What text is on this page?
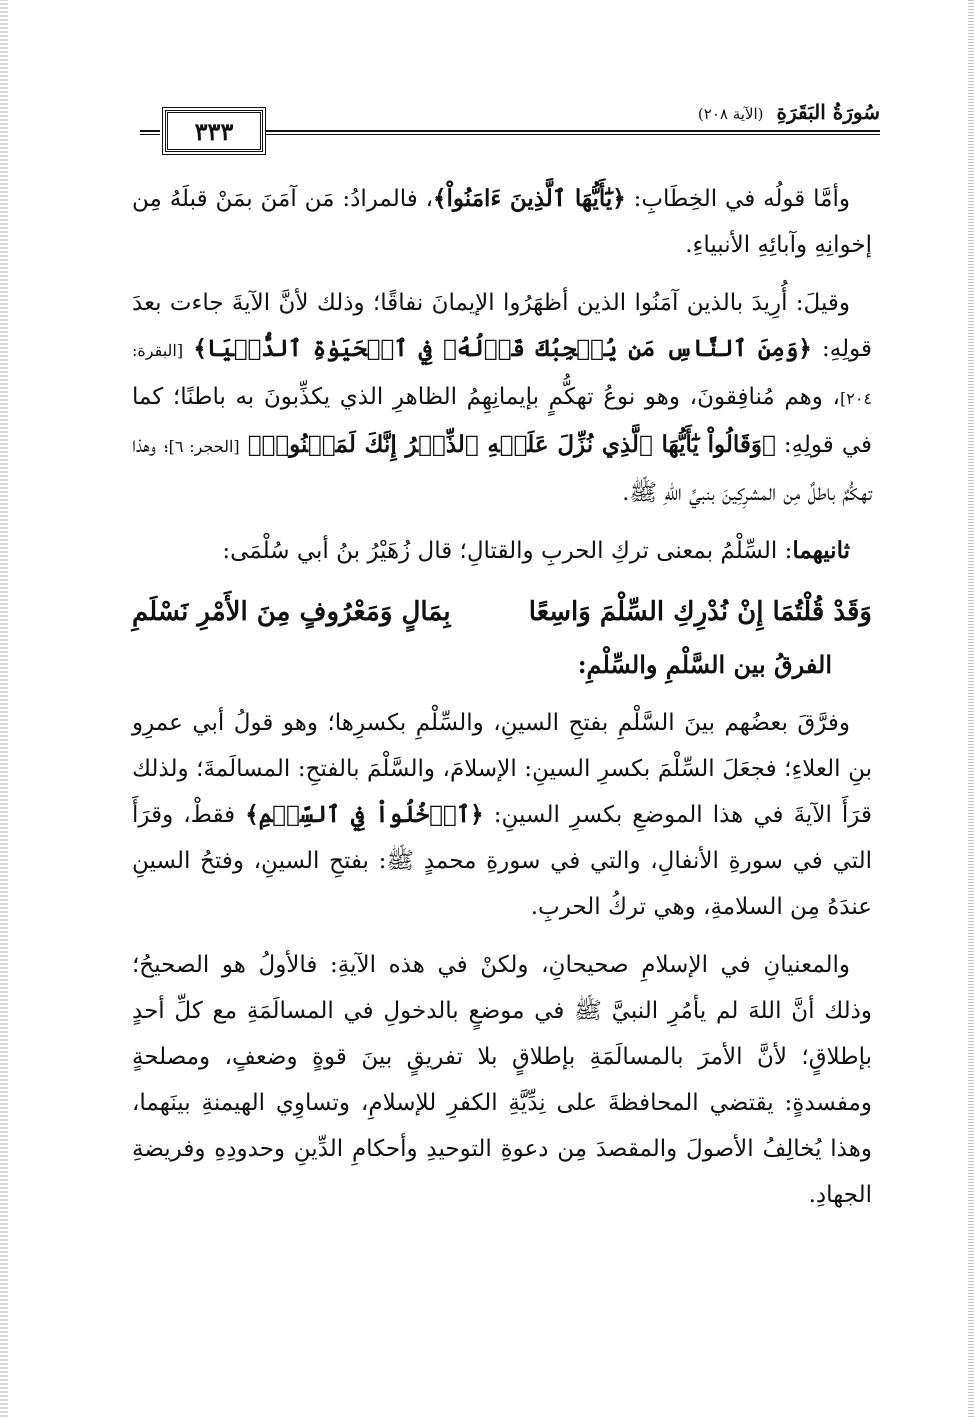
سُورَةُ البَقَرَةِ (الآية ٢٠٨)
٣٣٣

وأمَّا قولُه في الخِطَابِ: ﴿يَٰٓأَيُّهَا ٱلَّذِينَ ءَامَنُواْ﴾، فالمرادُ: مَن آمَنَ بمَنْ قبلَهُ مِن إخوانِهِ وآبائِهِ الأنبياءِ.

وقيلَ: أُرِيدَ بالذين آمَنُوا الذين أظهَرُوا الإيمانَ نفاقًا؛ وذلك لأنَّ الآيةَ جاءت بعدَ قولِهِ: ﴿وَمِنَ ٱلنَّاسِ مَن يُعۡجِبُكَ قَوۡلُهُۥ فِي ٱلۡحَيَوٰةِ ٱلدُّنۡيَا﴾ [البقرة: ٢٠٤]، وهم مُنافِقونَ، وهو نوعُ تهكُّمٍ بإيمانِهِمُ الظاهرِ الذي يكذِّبونَ به باطنًا؛ كما في قولِهِ: ﴿وَقَالُواْ يَٰٓأَيُّهَا ٱلَّذِي نُزِّلَ عَلَيۡهِ ٱلذِّكۡرُ إِنَّكَ لَمَجۡنُونٞ﴾ [الحجر: ٦]؛ وهذا تهكُّمٌ باطلٌ مِن المشرِكِينَ بنبيِّ اللهِ ﷺ.

ثانيهما: السِّلْمُ بمعنى تركِ الحربِ والقتالِ؛ قال زُهَيْرُ بنُ أبي سُلْمَى:

وَقَدْ قُلْتُمَا إِنْ نُدْرِكِ السِّلْمَ وَاسِعًا
بِمَالٍ وَمَعْرُوفٍ مِنَ الأَمْرِ نَسْلَمِ
الفرقُ بين السَّلْمِ والسِّلْمِ:

وفرَّقَ بعضُهم بينَ السَّلْمِ بفتحِ السينِ، والسِّلْمِ بكسرِها؛ وهو قولُ أبي عمرِو بنِ العلاءِ؛ فجعَلَ السِّلْمَ بكسرِ السينِ: الإسلامَ، والسَّلْمَ بالفتحِ: المسالَمةَ؛ ولذلك قرَأَ الآيةَ في هذا الموضعِ بكسرِ السينِ: ﴿ٱدۡخُلُواْ فِي ٱلسِّلۡمِ﴾ فقطْ، وقرَأَ التي في سورةِ الأنفالِ، والتي في سورةِ محمدٍ ﷺ: بفتحِ السينِ، وفتحُ السينِ عندَهُ مِن السلامةِ، وهي تركُ الحربِ.

والمعنيانِ في الإسلامِ صحيحانِ، ولكنْ في هذه الآيةِ: فالأولُ هو الصحيحُ؛ وذلك أنَّ اللهَ لم يأمُرِ النبيَّ ﷺ في موضعٍ بالدخولِ في المسالَمَةِ مع كلِّ أحدٍ بإطلاقٍ؛ لأنَّ الأمرَ بالمسالَمَةِ بإطلاقٍ بلا تفريقٍ بينَ قوةٍ وضعفٍ، ومصلحةٍ ومفسدةٍ: يقتضي المحافظةَ على نِدِّيَّةِ الكفرِ للإسلامِ، وتساوِي الهيمنةِ بينَهما، وهذا يُخالِفُ الأصولَ والمقصدَ مِن دعوةِ التوحيدِ وأحكامِ الدِّينِ وحدودِهِ وفريضةِ الجهادِ.
